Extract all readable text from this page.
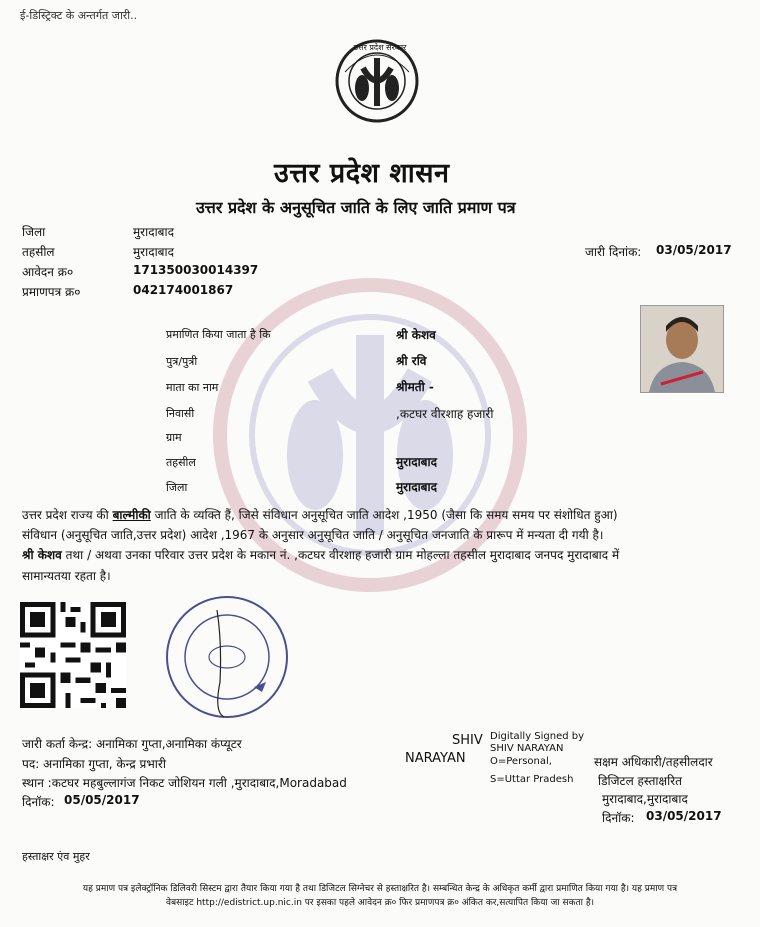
ई-डिस्ट्रिक्ट के अन्तर्गत जारी..
उत्तर प्रदेश सरकार
उत्तर प्रदेश शासन
उत्तर प्रदेश के अनुसूचित जाति के लिए जाति प्रमाण पत्र
जिला	मुरादाबाद
तहसील	मुरादाबाद
आवेदन क्र०	171350030014397
प्रमाणपत्र क्र०	042174001867
जारी दिनांक: 03/05/2017
प्रमाणित किया जाता है कि	श्री केशव
पुत्र/पुत्री	श्री रवि
माता का नाम	श्रीमती -
निवासी	,कटघर वीरशाह हजारी
ग्राम
तहसील	मुरादाबाद
जिला	मुरादाबाद
उत्तर प्रदेश राज्य की बाल्मीकी जाति के व्यक्ति हैं, जिसे संविधान अनुसूचित जाति आदेश ,1950 (जैसा कि समय समय पर संशोधित हुआ)
संविधान (अनुसूचित जाति,उत्तर प्रदेश) आदेश ,1967 के अनुसार अनुसूचित जाति / अनुसूचित जनजाति के प्रारूप में मन्यता दी गयी है।
श्री केशव तथा / अथवा उनका परिवार उत्तर प्रदेश के मकान नं. ,कटघर वीरशाह हजारी ग्राम मोहल्ला तहसील मुरादाबाद जनपद मुरादाबाद में
सामान्यतया रहता है।
जारी कर्ता केन्द्र: अनामिका गुप्ता,अनामिका कंप्यूटर
पद: अनामिका गुप्ता, केन्द्र प्रभारी
स्थान :कटघर महबुल्लागंज निकट जोशियन गली ,मुरादाबाद,Moradabad
दिनॉक: 05/05/2017
SHIV
NARAYAN
Digitally Signed by
SHIV NARAYAN
O=Personal,
S=Uttar Pradesh
सक्षम अधिकारी/तहसीलदार
डिजिटल हस्ताक्षरित
मुरादाबाद,मुरादाबाद
दिनॉक: 03/05/2017
हस्ताक्षर एंव मुहर
यह प्रमाण पत्र इलेक्ट्रॉनिक डिलिवरी सिस्टम द्वारा तैयार किया गया है तथा डिजिटल सिग्नेचर से हस्ताक्षरित है। सम्बन्धित केन्द्र के अधिकृत कर्मी द्वारा प्रमाणित किया गया है। यह प्रमाण पत्र
वेबसाइट http://edistrict.up.nic.in पर इसका पहले आवेदन क्र० फिर प्रमाणपत्र क्र० अंकित कर,सत्यापित किया जा सकता है।
